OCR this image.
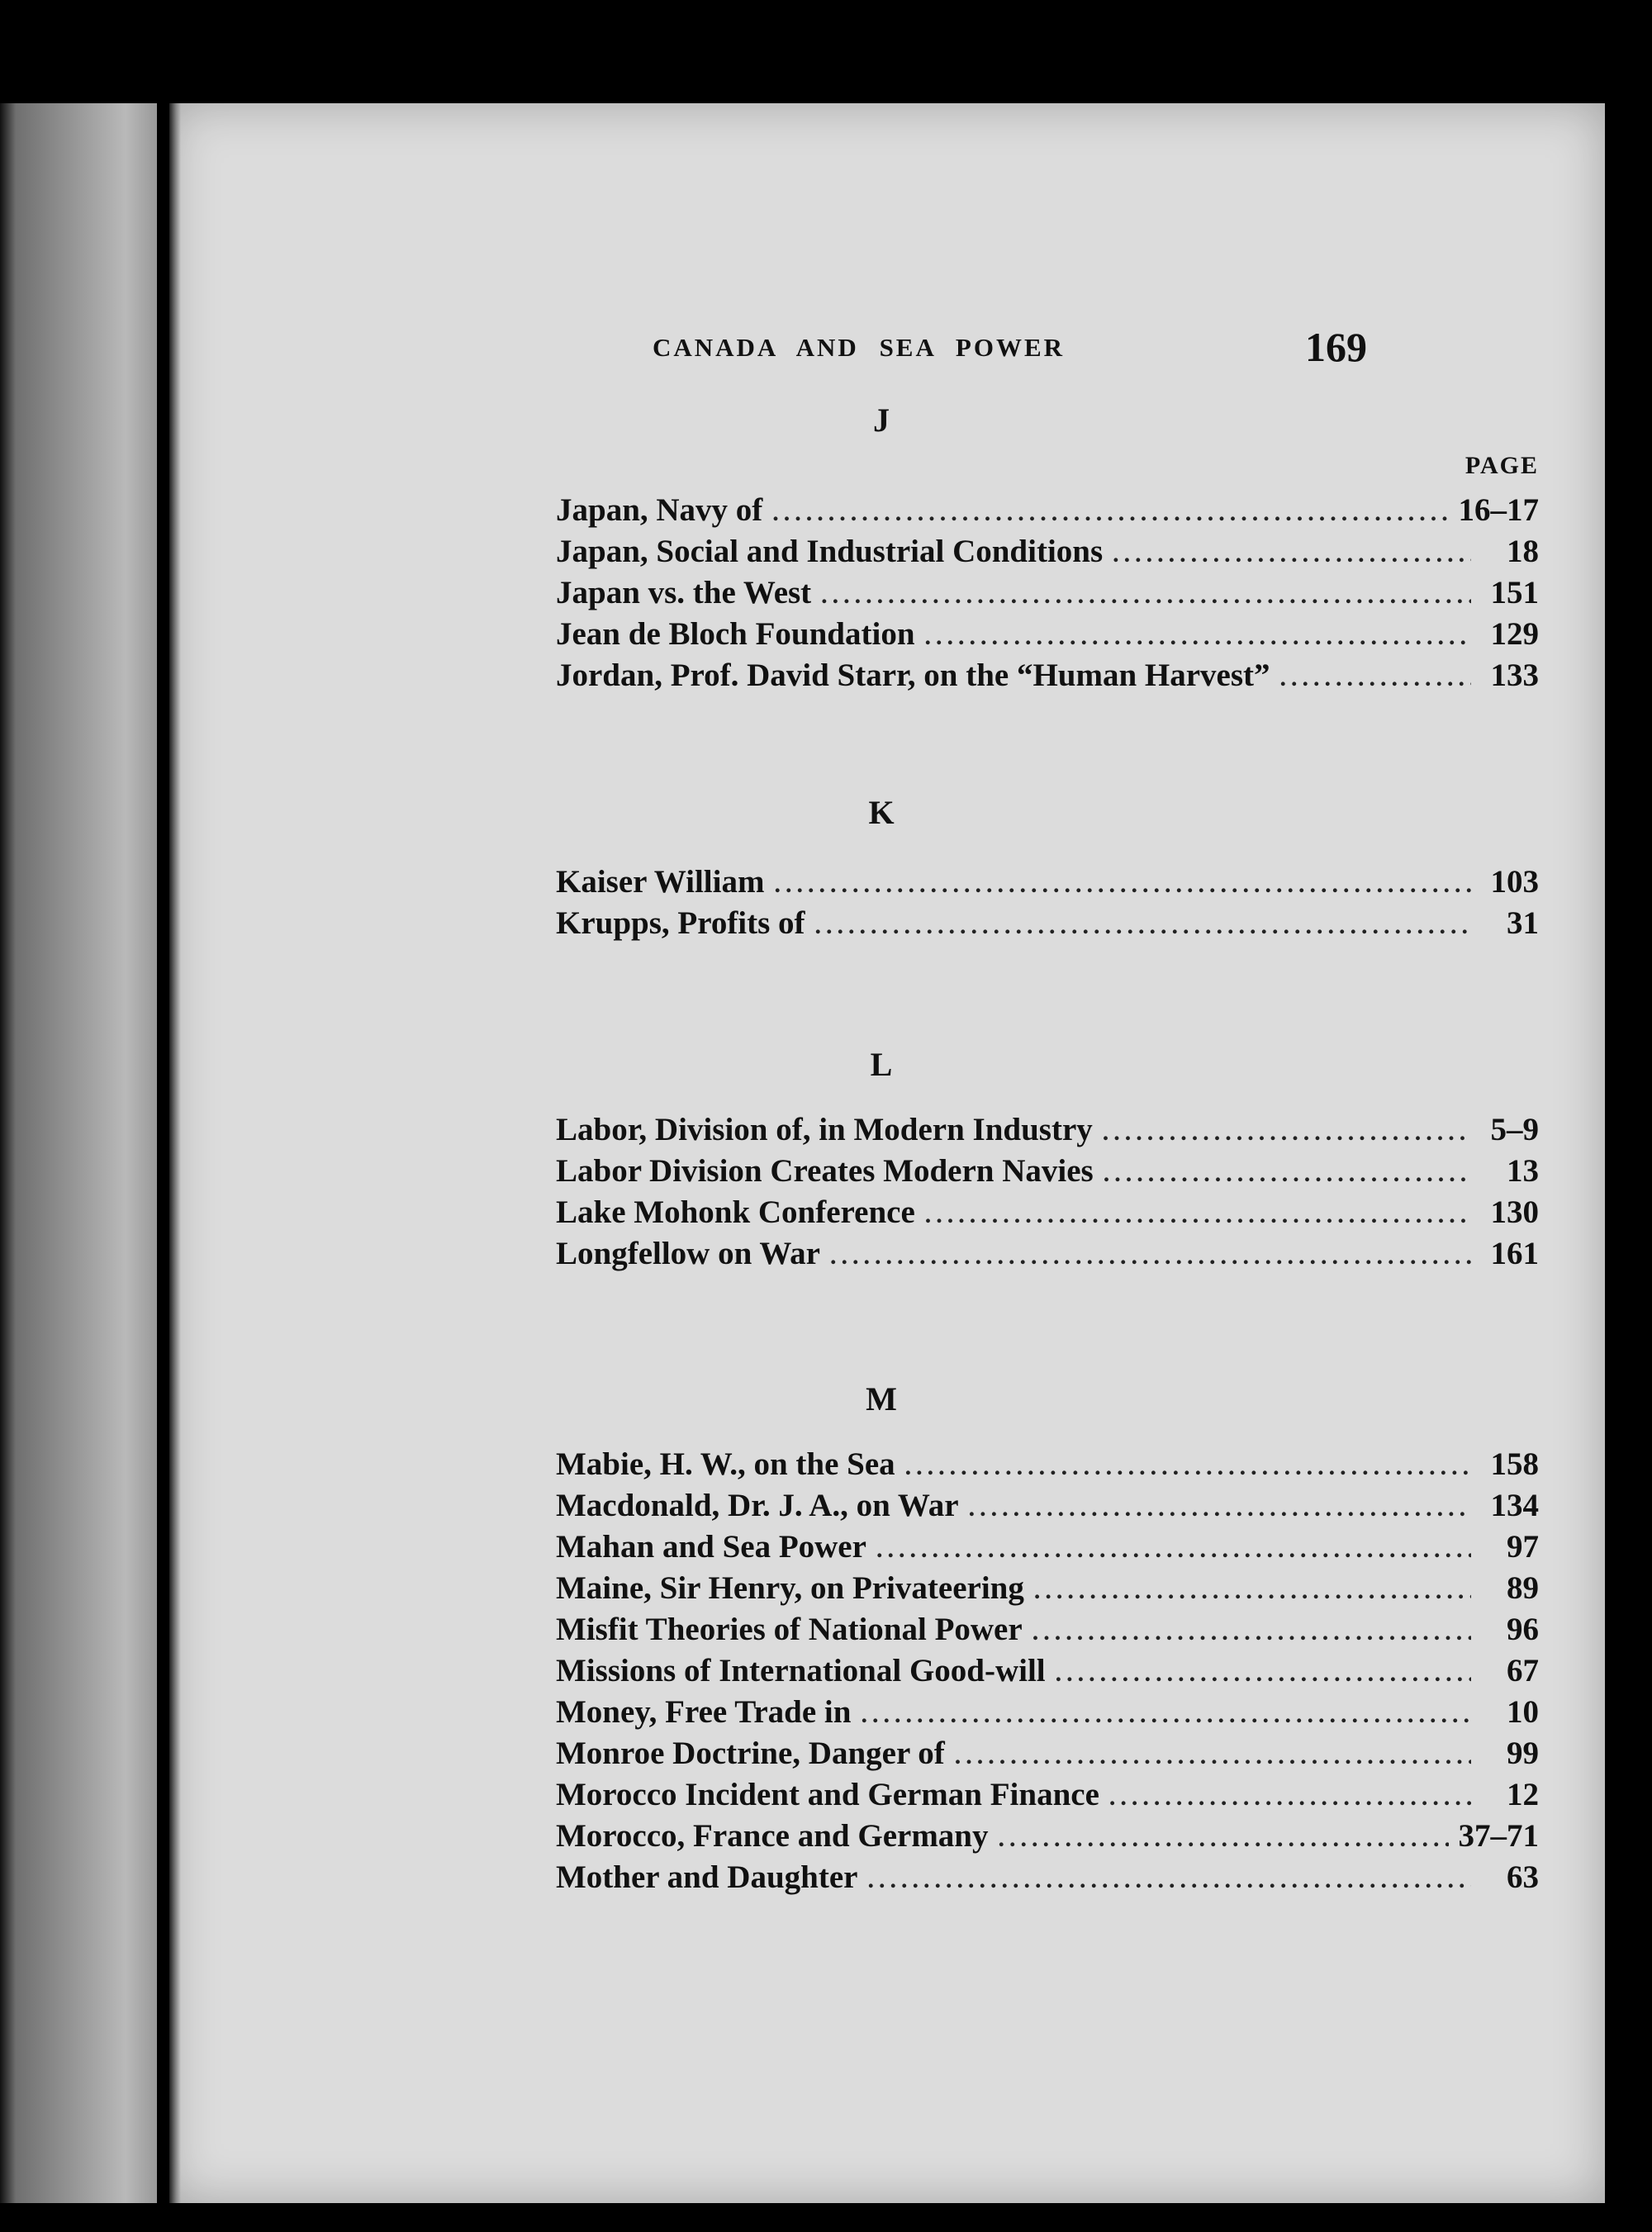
CANADA AND SEA POWER	169
J
PAGE
Japan, Navy of .....	16–17
Japan, Social and Industrial Conditions .....	18
Japan vs. the West .....	151
Jean de Bloch Foundation .....	129
Jordan, Prof. David Starr, on the “Human Harvest” .....	133
K
Kaiser William .....	103
Krupps, Profits of .....	31
L
Labor, Division of, in Modern Industry .....	5–9
Labor Division Creates Modern Navies .....	13
Lake Mohonk Conference .....	130
Longfellow on War .....	161
M
Mabie, H. W., on the Sea .....	158
Macdonald, Dr. J. A., on War .....	134
Mahan and Sea Power .....	97
Maine, Sir Henry, on Privateering .....	89
Misfit Theories of National Power .....	96
Missions of International Good-will .....	67
Money, Free Trade in .....	10
Monroe Doctrine, Danger of .....	99
Morocco Incident and German Finance .....	12
Morocco, France and Germany .....	37–71
Mother and Daughter .....	63
